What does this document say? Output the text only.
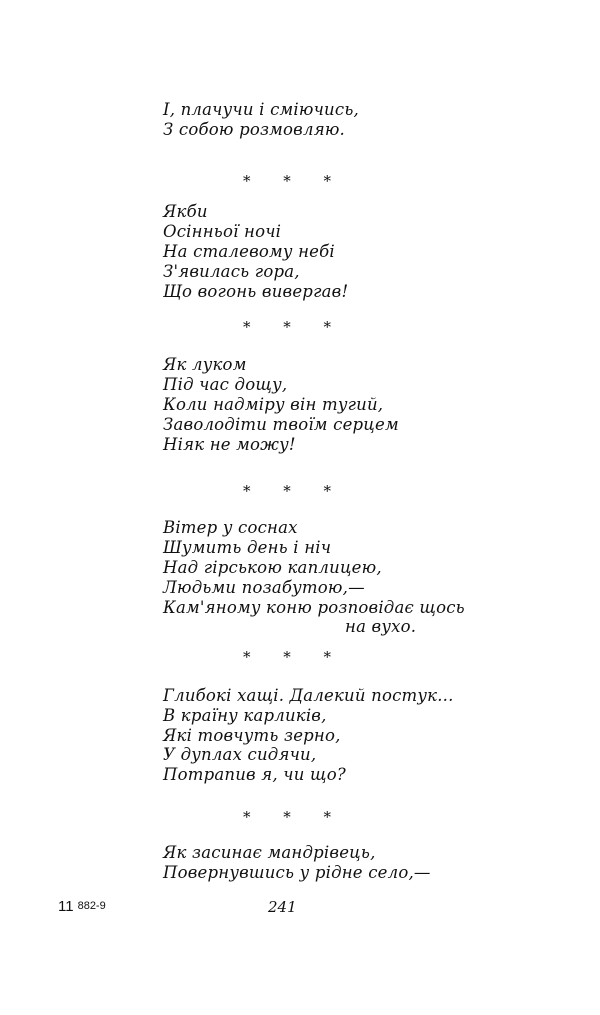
І, плачучи і сміючись,
З собою розмовляю.
* * *
Якби
Осінньої ночі
На сталевому небі
З'явилась гора,
Що вогонь вивергав!
* * *
Як луком
Під час дощу,
Коли надміру він тугий,
Заволодіти твоїм серцем
Ніяк не можу!
* * *
Вітер у соснах
Шумить день і ніч
Над гірською каплицею,
Людьми позабутою,—
Кам'яному коню розповідає щось
на вухо.
* * *
Глибокі хащі. Далекий постук...
В країну карликів,
Які товчуть зерно,
У дуплах сидячи,
Потрапив я, чи що?
* * *
Як засинає мандрівець,
Повернувшись у рідне село,—
11 882-9	241
